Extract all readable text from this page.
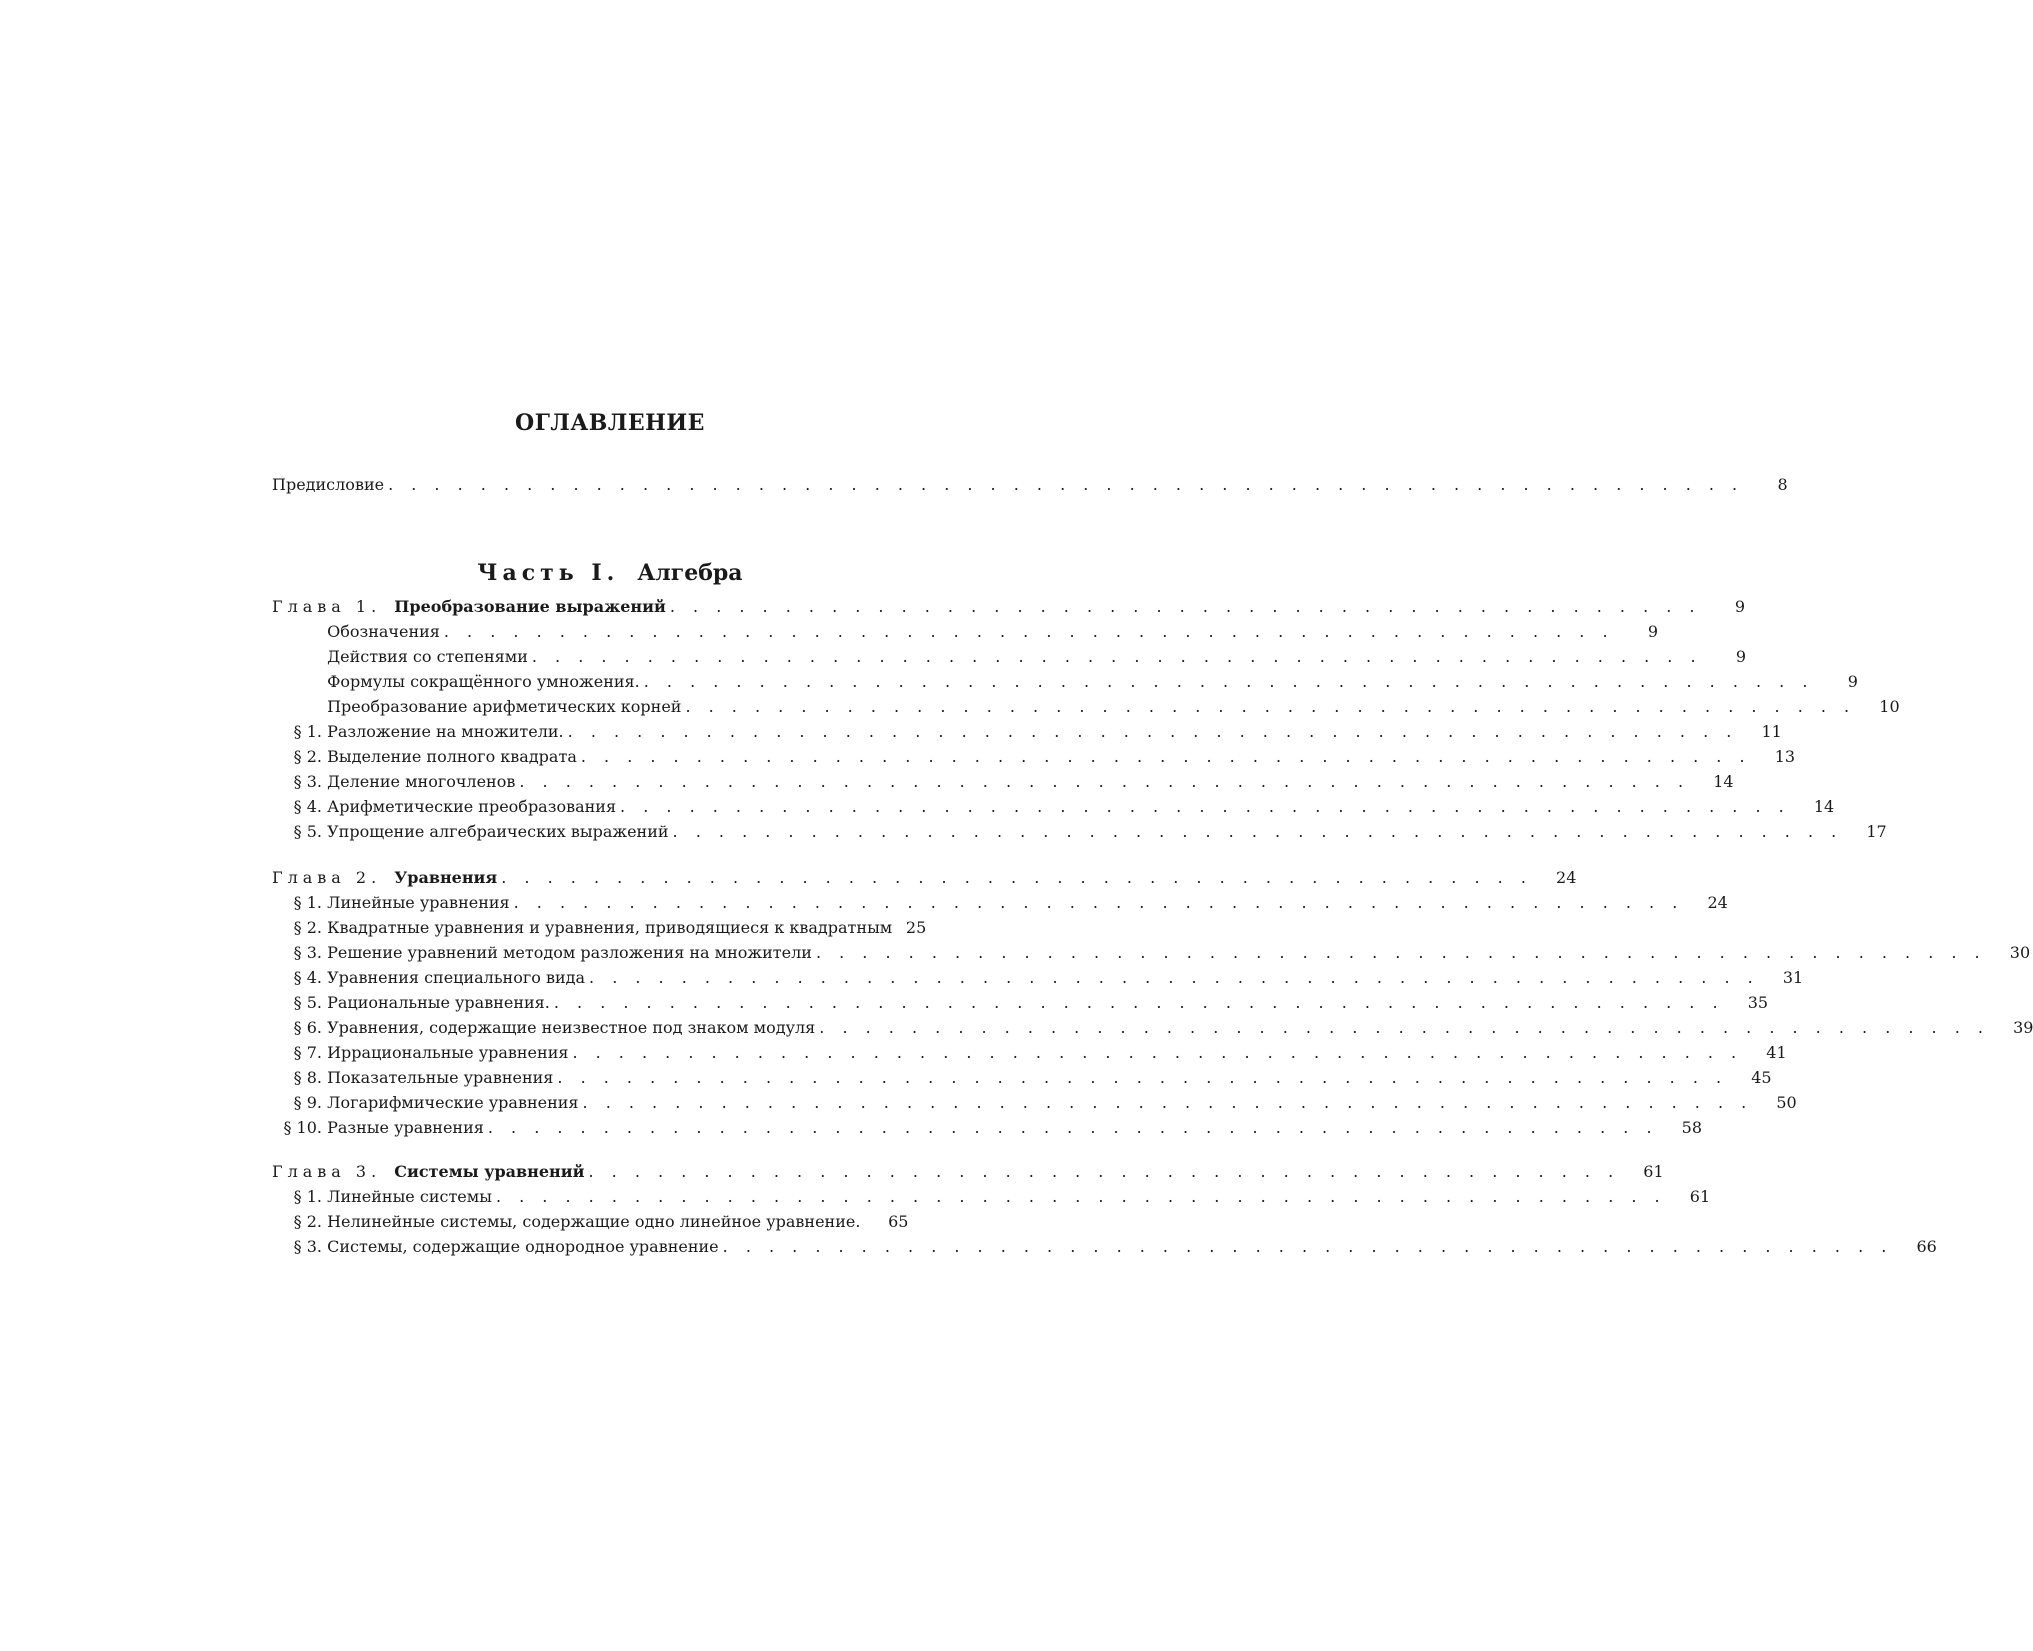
ОГЛАВЛЕНИЕ
Предисловие . . . . . . . . . . . . . . . . . . . . . . . . . . . . . . . . . . . . . . . . . . . . . . . . . . . . . . . . . . .	8
Часть I. Алгебра
Глава 1. Преобразование выражений . . . . . . . . . . . . . . . . . . . . . . . . . . . . . . . . . . . . . . . . . . . . .	9
Обозначения . . . . . . . . . . . . . . . . . . . . . . . . . . . . . . . . . . . . . . . . . . . . . . . . . . .	9
Действия со степенями . . . . . . . . . . . . . . . . . . . . . . . . . . . . . . . . . . . . . . . . . . . . . . . . . . .	9
Формулы сокращённого умножения. . . . . . . . . . . . . . . . . . . . . . . . . . . . . . . . . . . . . . . . . . . . . . . . . . . .	9
Преобразование арифметических корней . . . . . . . . . . . . . . . . . . . . . . . . . . . . . . . . . . . . . . . . . . . . . . . . . . .	10
§ 1. Разложение на множители. . . . . . . . . . . . . . . . . . . . . . . . . . . . . . . . . . . . . . . . . . . . . . . . . . . .	11
§ 2. Выделение полного квадрата . . . . . . . . . . . . . . . . . . . . . . . . . . . . . . . . . . . . . . . . . . . . . . . . . . .	13
§ 3. Деление многочленов . . . . . . . . . . . . . . . . . . . . . . . . . . . . . . . . . . . . . . . . . . . . . . . . . . .	14
§ 4. Арифметические преобразования . . . . . . . . . . . . . . . . . . . . . . . . . . . . . . . . . . . . . . . . . . . . . . . . . . .	14
§ 5. Упрощение алгебраических выражений . . . . . . . . . . . . . . . . . . . . . . . . . . . . . . . . . . . . . . . . . . . . . . . . . . .	17
Глава 2. Уравнения . . . . . . . . . . . . . . . . . . . . . . . . . . . . . . . . . . . . . . . . . . . . .	24
§ 1. Линейные уравнения . . . . . . . . . . . . . . . . . . . . . . . . . . . . . . . . . . . . . . . . . . . . . . . . . . .	24
§ 2. Квадратные уравнения и уравнения, приводящиеся к квадратным 25
§ 3. Решение уравнений методом разложения на множители . . . . . . . . . . . . . . . . . . . . . . . . . . . . . . . . . . . . . . . . . . . . . . . . . . .	30
§ 4. Уравнения специального вида . . . . . . . . . . . . . . . . . . . . . . . . . . . . . . . . . . . . . . . . . . . . . . . . . . .	31
§ 5. Рациональные уравнения. . . . . . . . . . . . . . . . . . . . . . . . . . . . . . . . . . . . . . . . . . . . . . . . . . . .	35
§ 6. Уравнения, содержащие неизвестное под знаком модуля . . . . . . . . . . . . . . . . . . . . . . . . . . . . . . . . . . . . . . . . . . . . . . . . . . .	39
§ 7. Иррациональные уравнения . . . . . . . . . . . . . . . . . . . . . . . . . . . . . . . . . . . . . . . . . . . . . . . . . . .	41
§ 8. Показательные уравнения . . . . . . . . . . . . . . . . . . . . . . . . . . . . . . . . . . . . . . . . . . . . . . . . . . .	45
§ 9. Логарифмические уравнения . . . . . . . . . . . . . . . . . . . . . . . . . . . . . . . . . . . . . . . . . . . . . . . . . . .	50
§ 10. Разные уравнения . . . . . . . . . . . . . . . . . . . . . . . . . . . . . . . . . . . . . . . . . . . . . . . . . . .	58
Глава 3. Системы уравнений . . . . . . . . . . . . . . . . . . . . . . . . . . . . . . . . . . . . . . . . . . . . .	61
§ 1. Линейные системы . . . . . . . . . . . . . . . . . . . . . . . . . . . . . . . . . . . . . . . . . . . . . . . . . . .	61
§ 2. Нелинейные системы, содержащие одно линейное уравнение.	65
§ 3. Системы, содержащие однородное уравнение . . . . . . . . . . . . . . . . . . . . . . . . . . . . . . . . . . . . . . . . . . . . . . . . . . .	66
